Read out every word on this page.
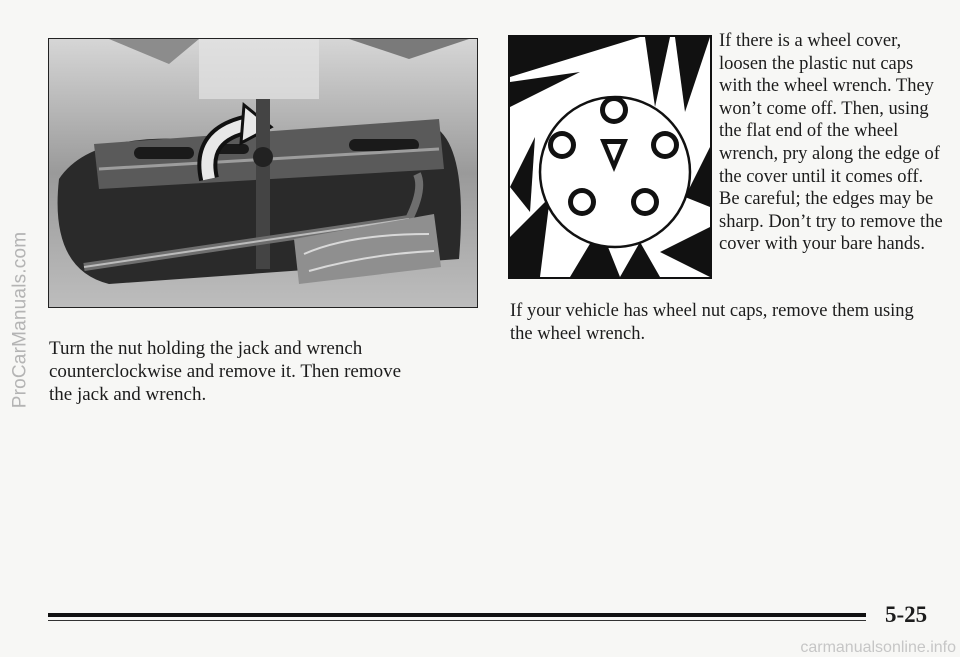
ProCarManuals.com
If there is a wheel cover, loosen the plastic nut caps with the wheel wrench. They won’t come off. Then, using the flat end of the wheel wrench, pry along the edge of the cover until it comes off. Be careful; the edges may be sharp. Don’t try to remove the cover with your bare hands.
If your vehicle has wheel nut caps, remove them using the wheel wrench.
Turn the nut holding the jack and wrench counterclockwise and remove it. Then remove the jack and wrench.
5-25
carmanualsonline.info
